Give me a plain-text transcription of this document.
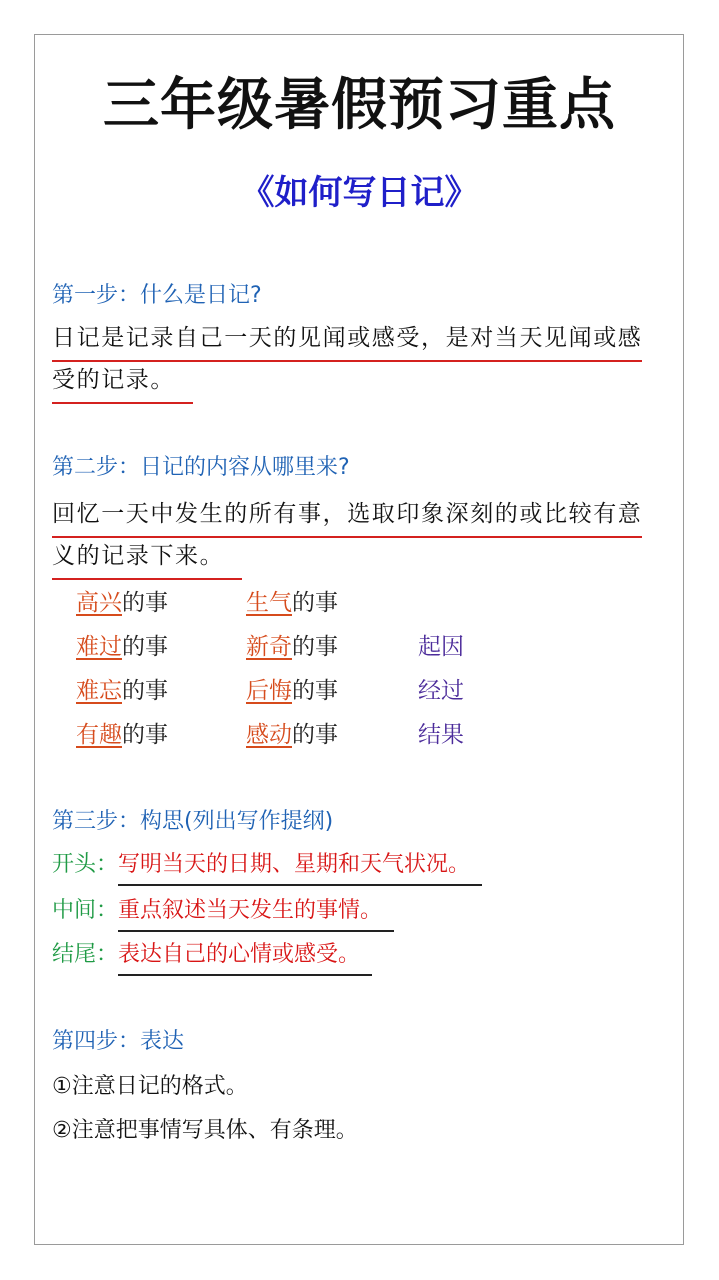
三年级暑假预习重点
《如何写日记》
第一步：什么是日记?
日记是记录自己一天的见闻或感受，是对当天见闻或感
受的记录。
第二步：日记的内容从哪里来?
回忆一天中发生的所有事，选取印象深刻的或比较有意
义的记录下来。
高兴的事	生气的事
难过的事	新奇的事	起因
难忘的事	后悔的事	经过
有趣的事	感动的事	结果
第三步：构思(列出写作提纲)
开头：写明当天的日期、星期和天气状况。
中间：重点叙述当天发生的事情。
结尾：表达自己的心情或感受。
第四步：表达
①注意日记的格式。
②注意把事情写具体、有条理。
